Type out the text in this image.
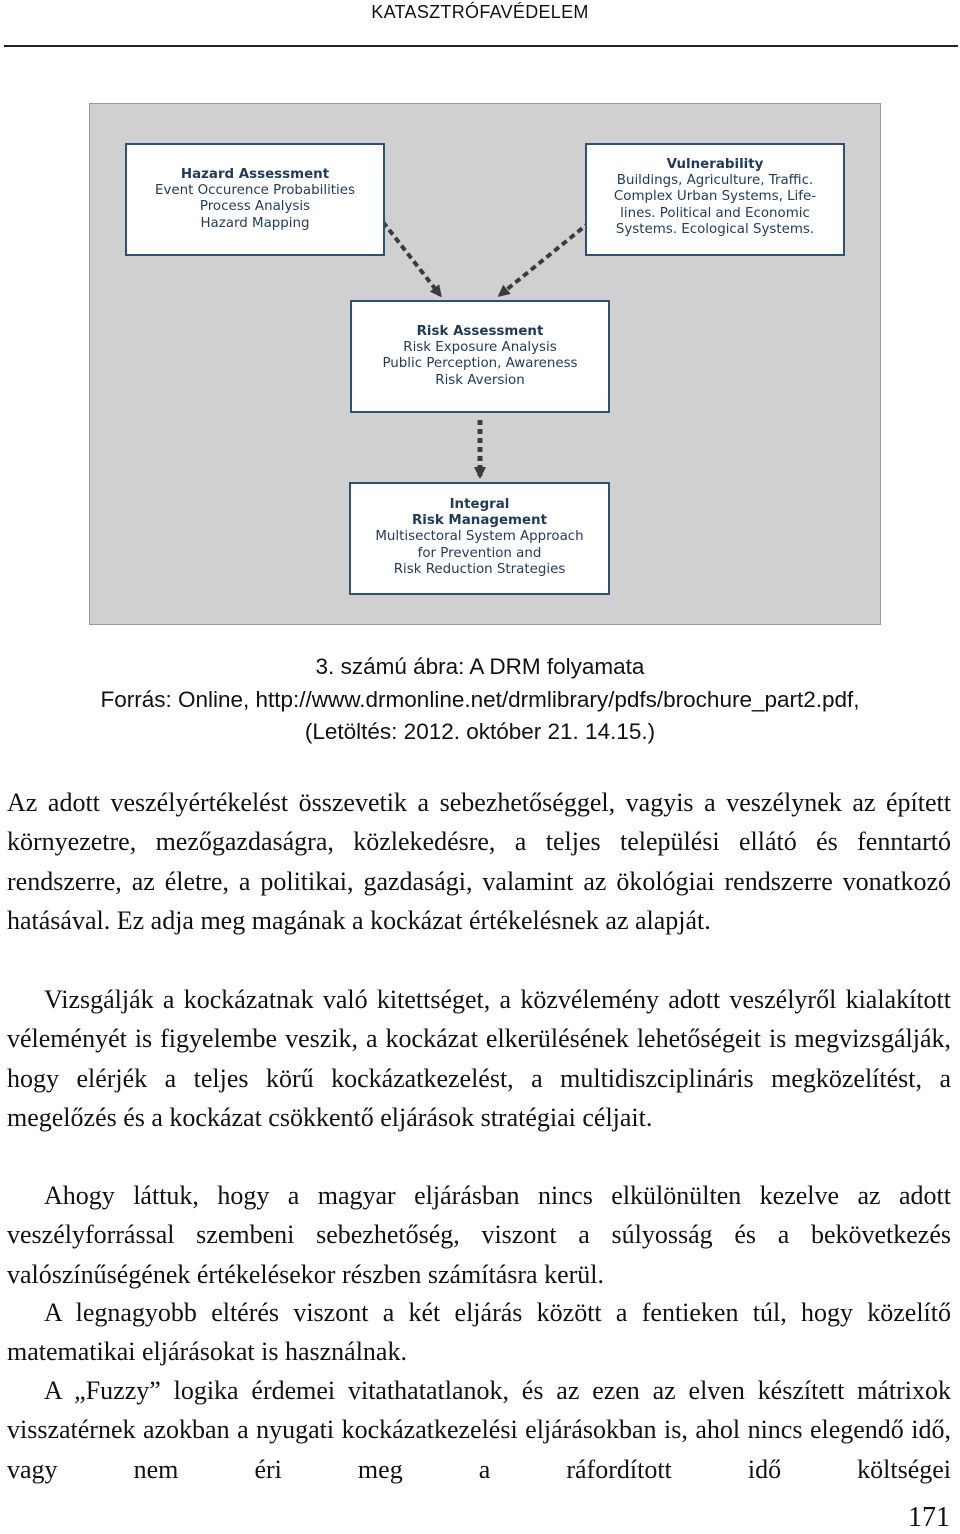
KATASZTRÓFAVÉDELEM
Hazard Assessment
Event Occurence Probabilities
Process Analysis
Hazard Mapping
Vulnerability
Buildings, Agriculture, Traffic.
Complex Urban Systems, Life-
lines. Political and Economic
Systems. Ecological Systems.
Risk Assessment
Risk Exposure Analysis
Public Perception, Awareness
Risk Aversion
Integral
Risk Management
Multisectoral System Approach
for Prevention and
Risk Reduction Strategies
3. számú ábra: A DRM folyamata
Forrás: Online, http://www.drmonline.net/drmlibrary/pdfs/brochure_part2.pdf,
(Letöltés: 2012. október 21. 14.15.)

Az adott veszélyértékelést összevetik a sebezhetőséggel, vagyis a veszélynek az épített környezetre, mezőgazdaságra, közlekedésre, a teljes települési ellátó és fenntartó rendszerre, az életre, a politikai, gazdasági, valamint az ökológiai rendszerre vonatkozó hatásával. Ez adja meg magának a kockázat értékelésnek az alapját.

Vizsgálják a kockázatnak való kitettséget, a közvélemény adott veszélyről kialakított véleményét is figyelembe veszik, a kockázat elkerülésének lehetőségeit is megvizsgálják, hogy elérjék a teljes körű kockázatkezelést, a multidiszciplináris megközelítést, a megelőzés és a kockázat csökkentő eljárások stratégiai céljait.

Ahogy láttuk, hogy a magyar eljárásban nincs elkülönülten kezelve az adott veszélyforrással szembeni sebezhetőség, viszont a súlyosság és a bekövetkezés valószínűségének értékelésekor részben számításra kerül.

A legnagyobb eltérés viszont a két eljárás között a fentieken túl, hogy közelítő matematikai eljárásokat is használnak.

A „Fuzzy” logika érdemei vitathatatlanok, és az ezen az elven készített mátrixok visszatérnek azokban a nyugati kockázatkezelési eljárásokban is, ahol nincs elegendő idő, vagy nem éri meg a ráfordított idő költségei

171
